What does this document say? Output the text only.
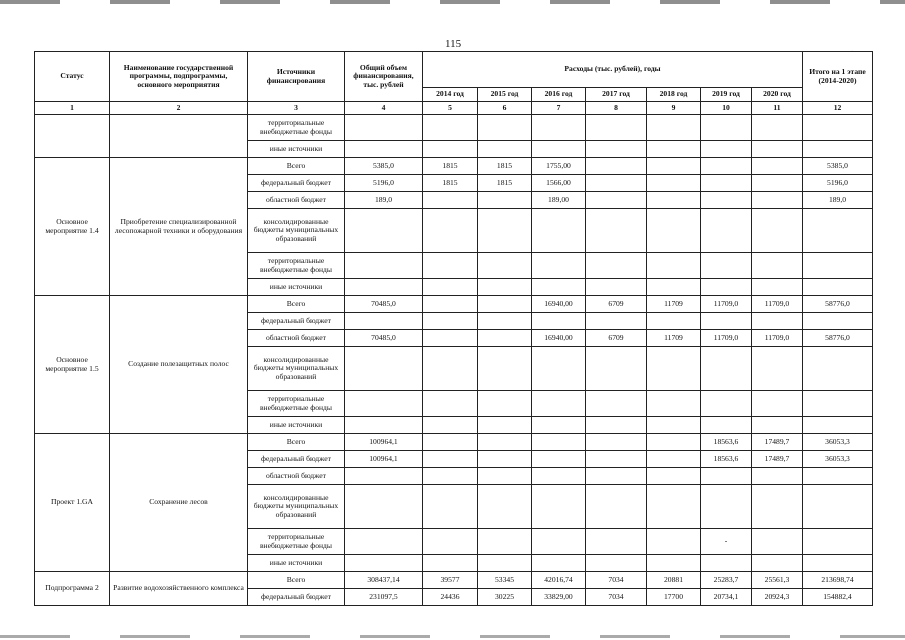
115	.
Статус	Наименование государственной программы, подпрограммы, основного мероприятия	Источники финансирования	Общий объем финансирования, тыс. рублей	Расходы (тыс. рублей), годы							Итого на 1 этапе (2014-2020)
				2014 год	2015 год	2016 год	2017 год	2018 год	2019 год	2020 год	
1	2	3	4	5	6	7	8	9	10	11	12
		территориальные внебюджетные фонды									
		иные источники									
Основное мероприятие 1.4	Приобретение специализированной лесопожарной техники и оборудования	Всего	5385,0	1815	1815	1755,00					5385,0
		федеральный бюджет	5196,0	1815	1815	1566,00					5196,0
		областной бюджет	189,0			189,00					189,0
		консолидированные бюджеты муниципальных образований									
		территориальные внебюджетные фонды									
		иные источники									
Основное мероприятие 1.5	Создание полезащитных полос	Всего	70485,0			16940,00	6709	11709	11709,0	11709,0	58776,0
		федеральный бюджет									
		областной бюджет	70485,0			16940,00	6709	11709	11709,0	11709,0	58776,0
		консолидированные бюджеты муниципальных образований									
		территориальные внебюджетные фонды									
		иные источники									
Проект 1.GA	Сохранение лесов	Всего	100964,1						18563,6	17489,7	36053,3
		федеральный бюджет	100964,1						18563,6	17489,7	36053,3
		областной бюджет									
		консолидированные бюджеты муниципальных образований									
		территориальные внебюджетные фонды							-		
		иные источники									
Подпрограмма 2	Развитие водохозяйственного комплекса	Всего	308437,14	39577	53345	42016,74	7034	20881	25283,7	25561,3	213698,74
		федеральный бюджет	231097,5	24436	30225	33829,00	7034	17700	20734,1	20924,3	154882,4
